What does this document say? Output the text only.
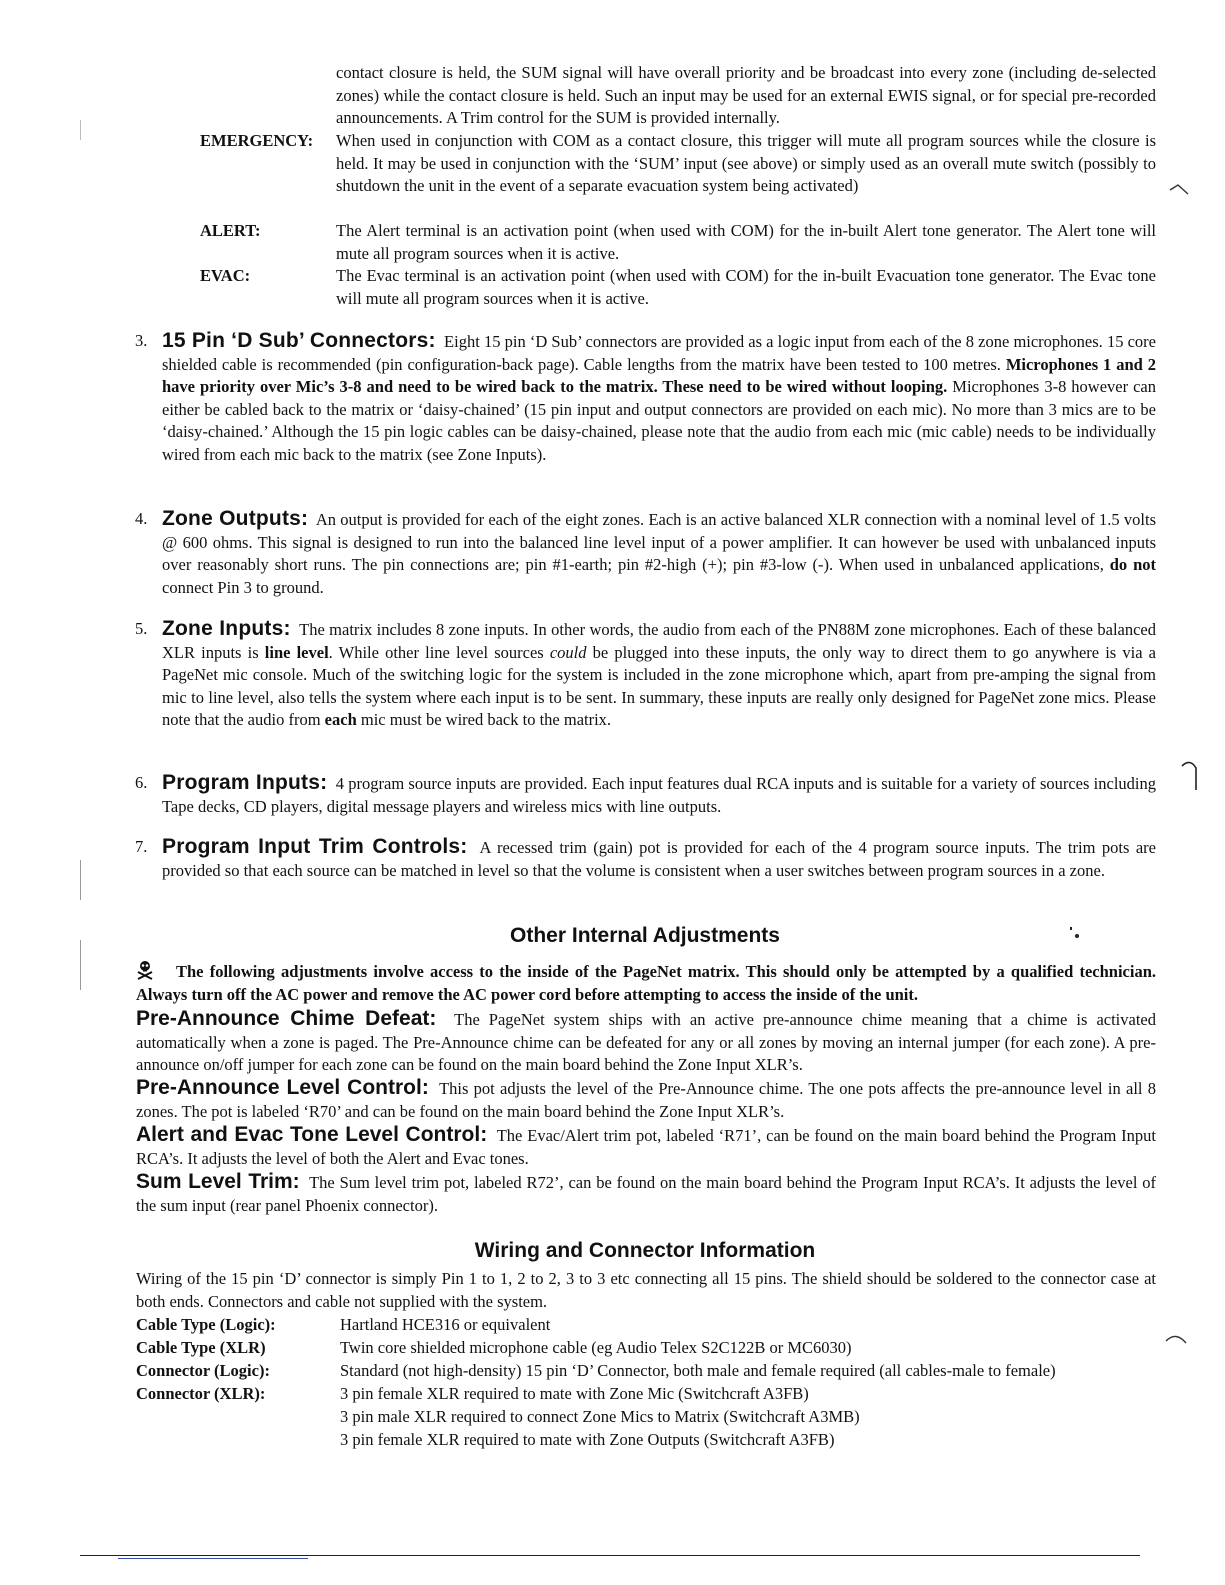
contact closure is held, the SUM signal will have overall priority and be broadcast into every zone (including de-selected zones) while the contact closure is held. Such an input may be used for an external EWIS signal, or for special pre-recorded announcements. A Trim control for the SUM is provided internally.
EMERGENCY: When used in conjunction with COM as a contact closure, this trigger will mute all program sources while the closure is held. It may be used in conjunction with the ‘SUM’ input (see above) or simply used as an overall mute switch (possibly to shutdown the unit in the event of a separate evacuation system being activated)
ALERT:	The Alert terminal is an activation point (when used with COM) for the in-built Alert tone generator. The Alert tone will mute all program sources when it is active.
EVAC:	The Evac terminal is an activation point (when used with COM) for the in-built Evacuation tone generator. The Evac tone will mute all program sources when it is active.
3. 15 Pin ‘D Sub’ Connectors: Eight 15 pin ‘D Sub’ connectors are provided as a logic input from each of the 8 zone microphones. 15 core shielded cable is recommended (pin configuration-back page). Cable lengths from the matrix have been tested to 100 metres. Microphones 1 and 2 have priority over Mic’s 3-8 and need to be wired back to the matrix. These need to be wired without looping. Microphones 3-8 however can either be cabled back to the matrix or ‘daisy-chained’ (15 pin input and output connectors are provided on each mic). No more than 3 mics are to be ‘daisy-chained.’ Although the 15 pin logic cables can be daisy-chained, please note that the audio from each mic (mic cable) needs to be individually wired from each mic back to the matrix (see Zone Inputs).
4. Zone Outputs: An output is provided for each of the eight zones. Each is an active balanced XLR connection with a nominal level of 1.5 volts @ 600 ohms. This signal is designed to run into the balanced line level input of a power amplifier. It can however be used with unbalanced inputs over reasonably short runs. The pin connections are; pin #1-earth; pin #2-high (+); pin #3-low (-). When used in unbalanced applications, do not connect Pin 3 to ground.
5. Zone Inputs: The matrix includes 8 zone inputs. In other words, the audio from each of the PN88M zone microphones. Each of these balanced XLR inputs is line level. While other line level sources could be plugged into these inputs, the only way to direct them to go anywhere is via a PageNet mic console. Much of the switching logic for the system is included in the zone microphone which, apart from pre-amping the signal from mic to line level, also tells the system where each input is to be sent. In summary, these inputs are really only designed for PageNet zone mics. Please note that the audio from each mic must be wired back to the matrix.
6. Program Inputs: 4 program source inputs are provided. Each input features dual RCA inputs and is suitable for a variety of sources including Tape decks, CD players, digital message players and wireless mics with line outputs.
7. Program Input Trim Controls: A recessed trim (gain) pot is provided for each of the 4 program source inputs. The trim pots are provided so that each source can be matched in level so that the volume is consistent when a user switches between program sources in a zone.
Other Internal Adjustments
The following adjustments involve access to the inside of the PageNet matrix. This should only be attempted by a qualified technician. Always turn off the AC power and remove the AC power cord before attempting to access the inside of the unit.
Pre-Announce Chime Defeat: The PageNet system ships with an active pre-announce chime meaning that a chime is activated automatically when a zone is paged. The Pre-Announce chime can be defeated for any or all zones by moving an internal jumper (for each zone). A pre-announce on/off jumper for each zone can be found on the main board behind the Zone Input XLR’s.
Pre-Announce Level Control: This pot adjusts the level of the Pre-Announce chime. The one pots affects the pre-announce level in all 8 zones. The pot is labeled ‘R70’ and can be found on the main board behind the Zone Input XLR’s.
Alert and Evac Tone Level Control: The Evac/Alert trim pot, labeled ‘R71’, can be found on the main board behind the Program Input RCA’s. It adjusts the level of both the Alert and Evac tones.
Sum Level Trim: The Sum level trim pot, labeled R72’, can be found on the main board behind the Program Input RCA’s. It adjusts the level of the sum input (rear panel Phoenix connector).
Wiring and Connector Information
Wiring of the 15 pin ‘D’ connector is simply Pin 1 to 1, 2 to 2, 3 to 3 etc connecting all 15 pins. The shield should be soldered to the connector case at both ends. Connectors and cable not supplied with the system.
Cable Type (Logic):	Hartland HCE316 or equivalent
Cable Type (XLR)	Twin core shielded microphone cable (eg Audio Telex S2C122B or MC6030)
Connector (Logic):	Standard (not high-density) 15 pin ‘D’ Connector, both male and female required (all cables-male to female)
Connector (XLR):	3 pin female XLR required to mate with Zone Mic (Switchcraft A3FB)
3 pin male XLR required to connect Zone Mics to Matrix (Switchcraft A3MB)
3 pin female XLR required to mate with Zone Outputs (Switchcraft A3FB)
